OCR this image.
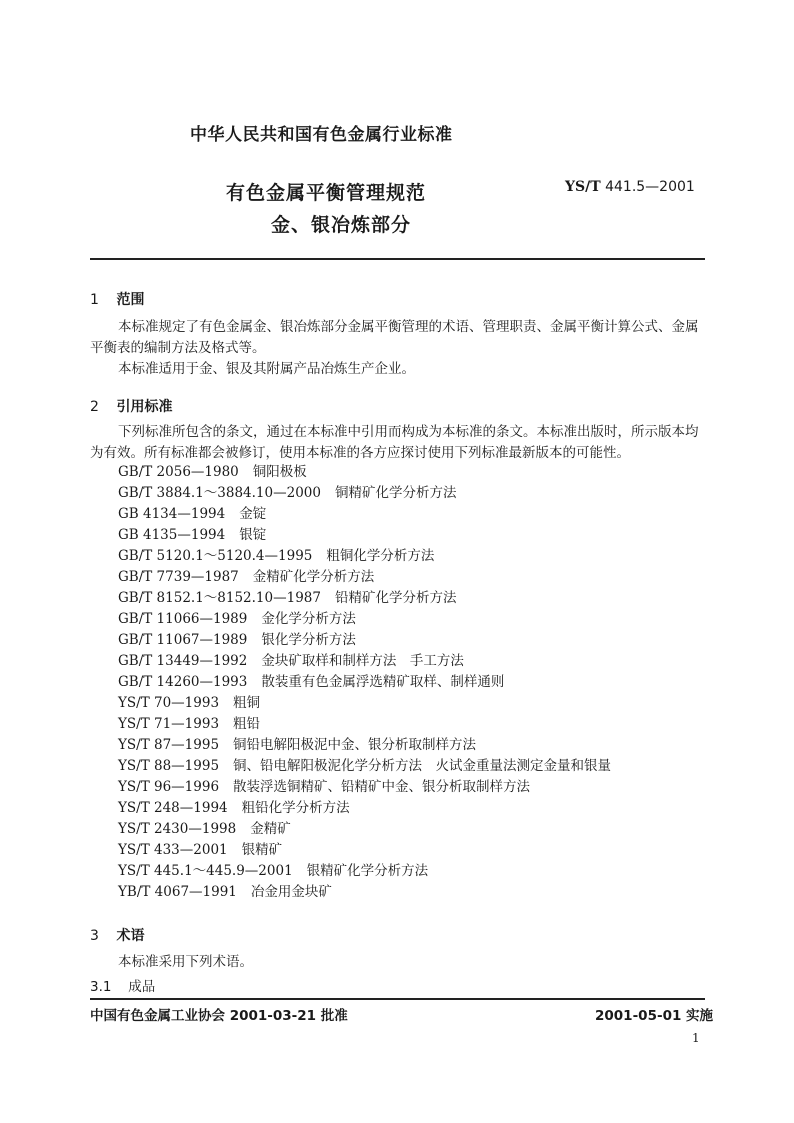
中华人民共和国有色金属行业标准
有色金属平衡管理规范
金、银冶炼部分
YS/T 441.5—2001
1 范围
本标准规定了有色金属金、银冶炼部分金属平衡管理的术语、管理职责、金属平衡计算公式、金属平衡表的编制方法及格式等。
本标准适用于金、银及其附属产品冶炼生产企业。
2 引用标准
下列标准所包含的条文，通过在本标准中引用而构成为本标准的条文。本标准出版时，所示版本均为有效。所有标准都会被修订，使用本标准的各方应探讨使用下列标准最新版本的可能性。
GB/T 2056—1980 铜阳极板
GB/T 3884.1～3884.10—2000 铜精矿化学分析方法
GB 4134—1994 金锭
GB 4135—1994 银锭
GB/T 5120.1～5120.4—1995 粗铜化学分析方法
GB/T 7739—1987 金精矿化学分析方法
GB/T 8152.1～8152.10—1987 铅精矿化学分析方法
GB/T 11066—1989 金化学分析方法
GB/T 11067—1989 银化学分析方法
GB/T 13449—1992 金块矿取样和制样方法　手工方法
GB/T 14260—1993 散装重有色金属浮选精矿取样、制样通则
YS/T 70—1993 粗铜
YS/T 71—1993 粗铅
YS/T 87—1995 铜铅电解阳极泥中金、银分析取制样方法
YS/T 88—1995 铜、铅电解阳极泥化学分析方法　火试金重量法测定金量和银量
YS/T 96—1996 散装浮选铜精矿、铅精矿中金、银分析取制样方法
YS/T 248—1994 粗铅化学分析方法
YS/T 2430—1998 金精矿
YS/T 433—2001 银精矿
YS/T 445.1～445.9—2001 银精矿化学分析方法
YB/T 4067—1991 冶金用金块矿
3 术语
本标准采用下列术语。
3.1 成品
中国有色金属工业协会 2001-03-21 批准	2001-05-01 实施
1
